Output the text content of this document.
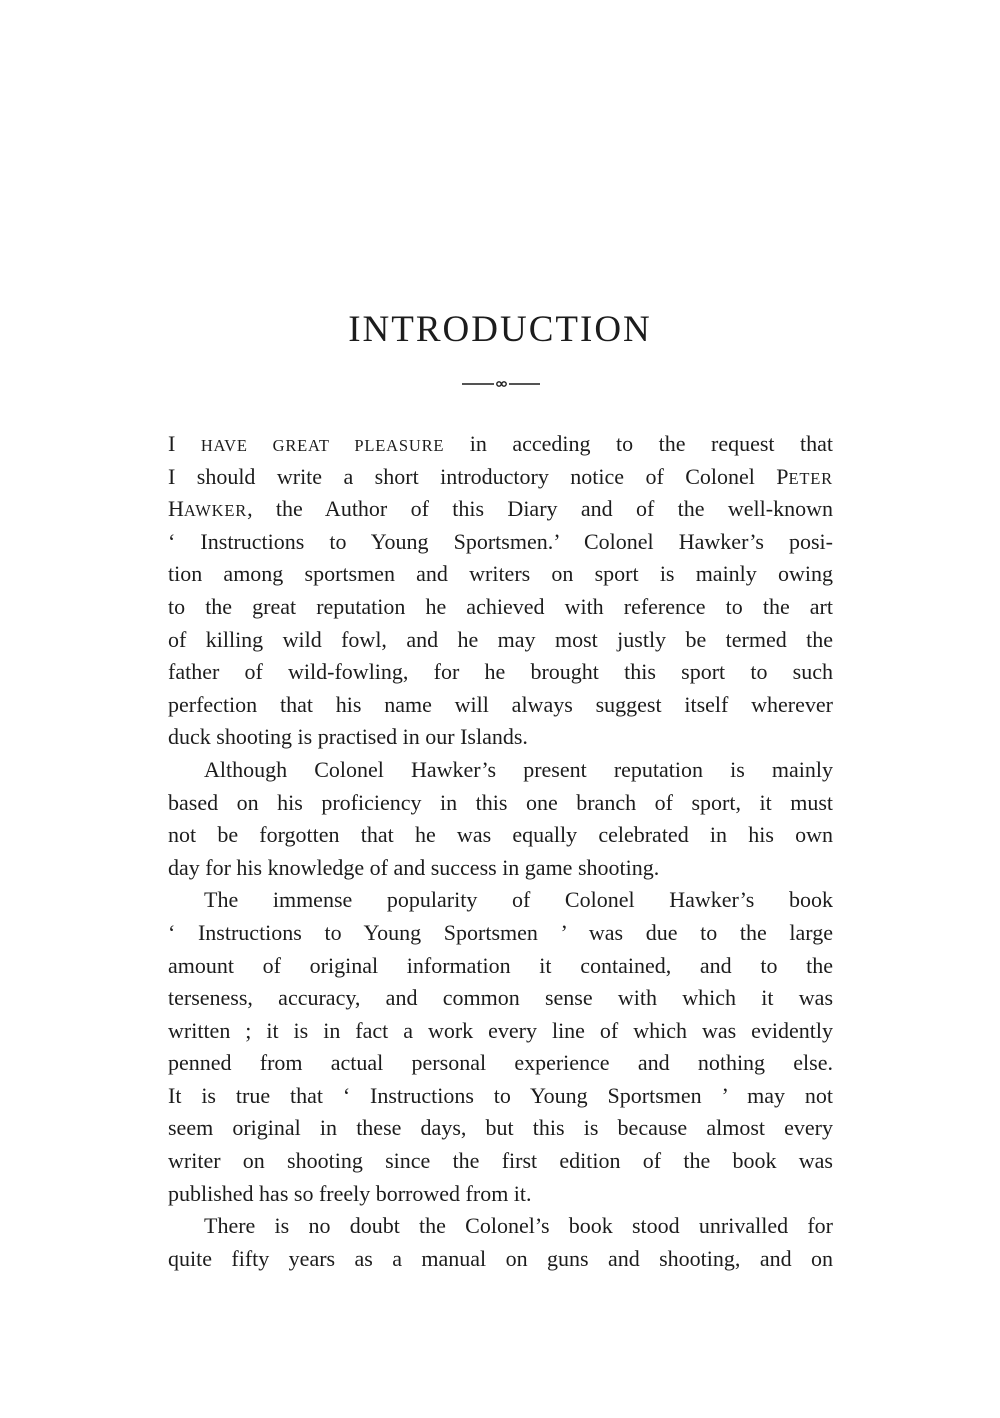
INTRODUCTION
I HAVE GREAT PLEASURE in acceding to the request that
I should write a short introductory notice of Colonel PETER
HAWKER, the Author of this Diary and of the well-known
‘ Instructions to Young Sportsmen.’ Colonel Hawker’s posi-
tion among sportsmen and writers on sport is mainly owing
to the great reputation he achieved with reference to the art
of killing wild fowl, and he may most justly be termed the
father of wild-fowling, for he brought this sport to such
perfection that his name will always suggest itself wherever
duck shooting is practised in our Islands.
Although Colonel Hawker’s present reputation is mainly
based on his proficiency in this one branch of sport, it must
not be forgotten that he was equally celebrated in his own
day for his knowledge of and success in game shooting.
The immense popularity of Colonel Hawker’s book
‘ Instructions to Young Sportsmen ’ was due to the large
amount of original information it contained, and to the
terseness, accuracy, and common sense with which it was
written ; it is in fact a work every line of which was evidently
penned from actual personal experience and nothing else.
It is true that ‘ Instructions to Young Sportsmen ’ may not
seem original in these days, but this is because almost every
writer on shooting since the first edition of the book was
published has so freely borrowed from it.
There is no doubt the Colonel’s book stood unrivalled for
quite fifty years as a manual on guns and shooting, and on
